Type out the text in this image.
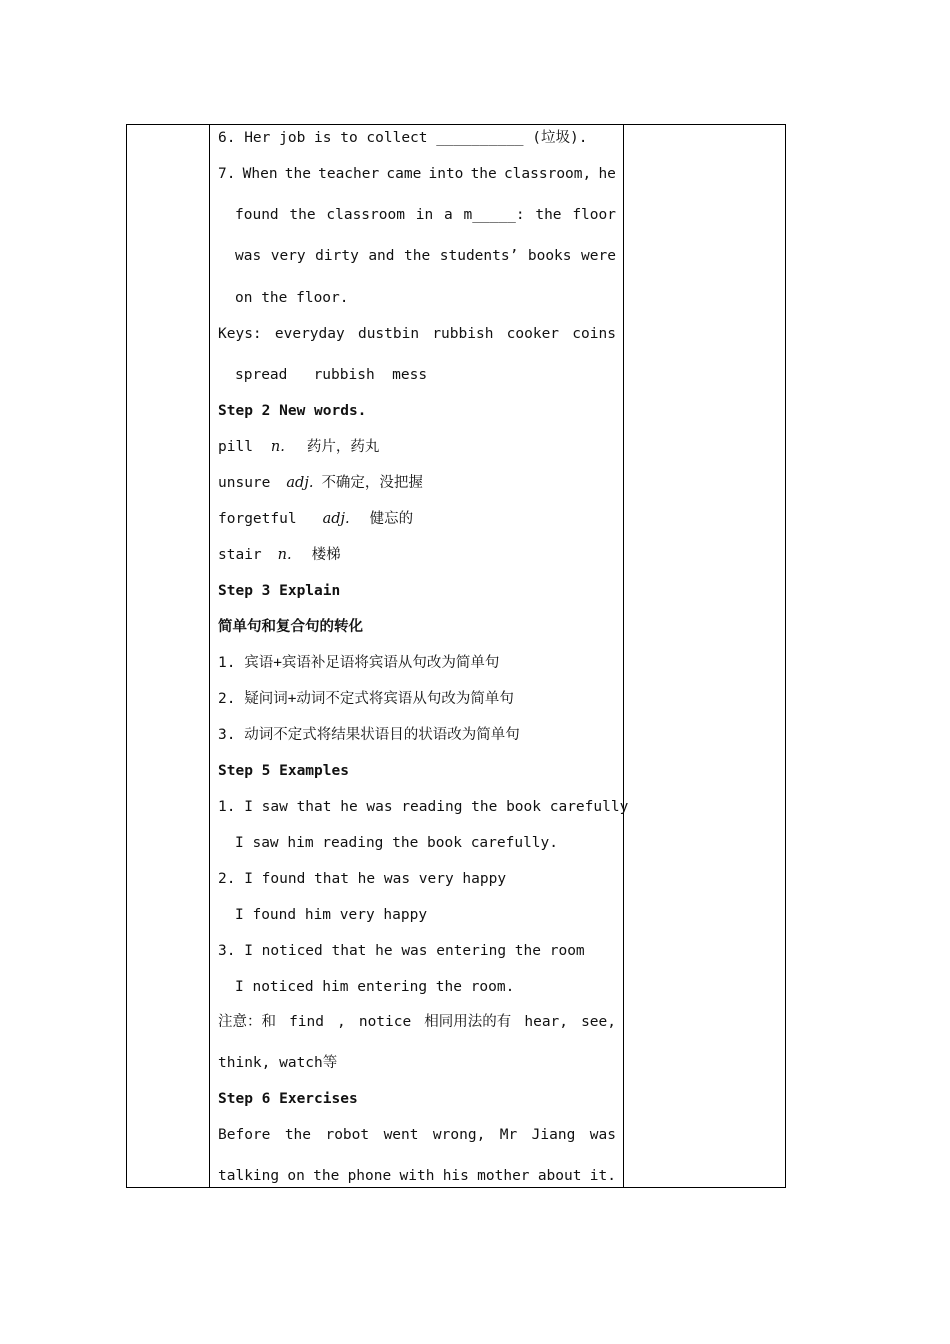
6. Her job is to collect __________ (垃圾).
7. When the teacher came into the classroom, he
found the classroom in a m_____: the floor
was very dirty and the students’ books were
on the floor.
Keys: everyday dustbin rubbish cooker coins
spread   rubbish  mess
Step 2 New words.
pill n. 药片，药丸
unsure adj. 不确定，没把握
forgetful adj. 健忘的
stair n. 楼梯
Step 3 Explain
简单句和复合句的转化
1. 宾语+宾语补足语将宾语从句改为简单句
2. 疑问词+动词不定式将宾语从句改为简单句
3. 动词不定式将结果状语目的状语改为简单句
Step 5 Examples
1. I saw that he was reading the book carefully
I saw him reading the book carefully.
2. I found that he was very happy
I found him very happy
3. I noticed that he was entering the room
I noticed him entering the room.
注意：和 find , notice 相同用法的有 hear, see,
think, watch等
Step 6 Exercises
Before the robot went wrong, Mr Jiang was
talking on the phone with his mother about it.
